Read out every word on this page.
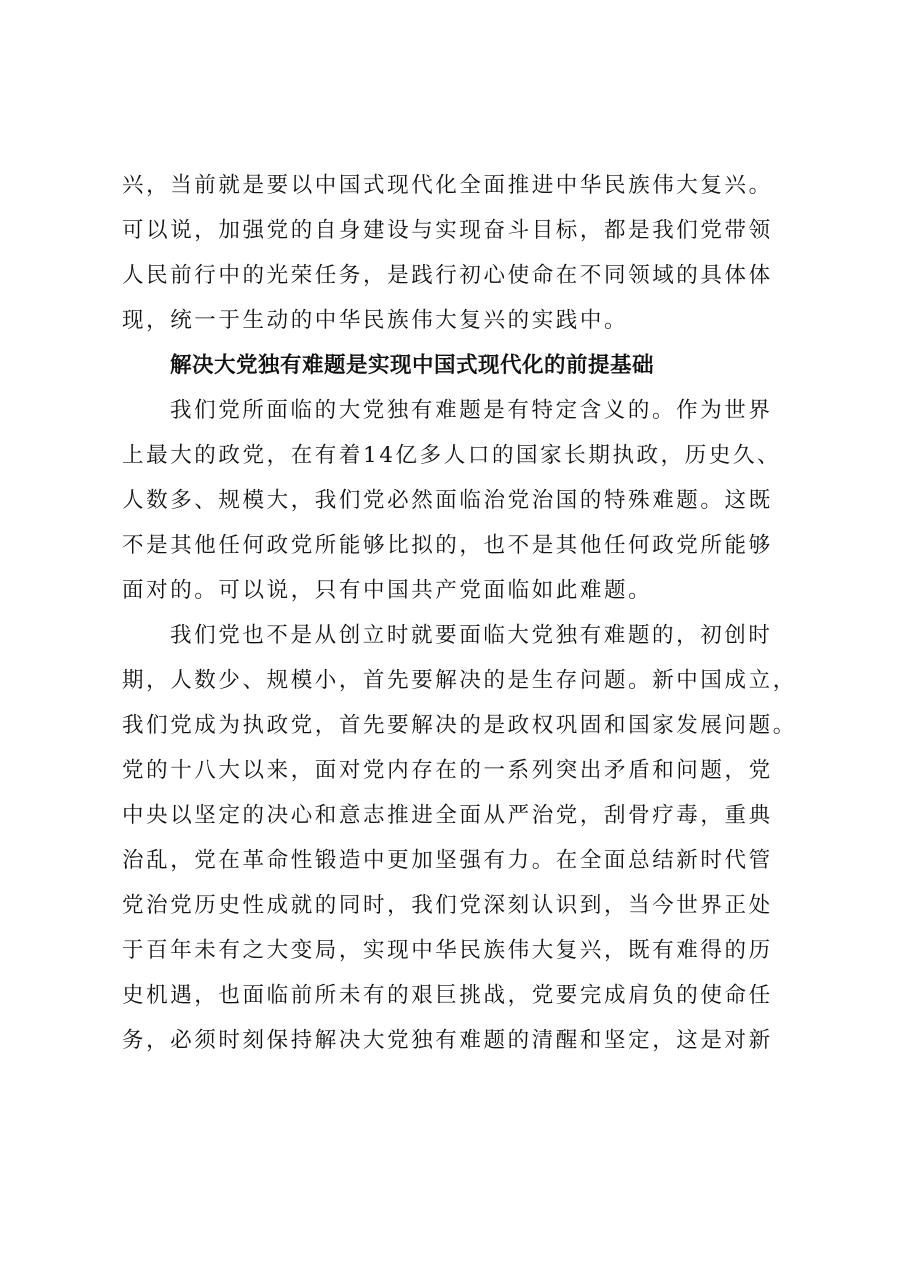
兴，当前就是要以中国式现代化全面推进中华民族伟大复兴。
可以说，加强党的自身建设与实现奋斗目标，都是我们党带领
人民前行中的光荣任务，是践行初心使命在不同领域的具体体
现，统一于生动的中华民族伟大复兴的实践中。
解决大党独有难题是实现中国式现代化的前提基础
我们党所面临的大党独有难题是有特定含义的。作为世界
上最大的政党，在有着14亿多人口的国家长期执政，历史久、
人数多、规模大，我们党必然面临治党治国的特殊难题。这既
不是其他任何政党所能够比拟的，也不是其他任何政党所能够
面对的。可以说，只有中国共产党面临如此难题。
我们党也不是从创立时就要面临大党独有难题的，初创时
期，人数少、规模小，首先要解决的是生存问题。新中国成立，
我们党成为执政党，首先要解决的是政权巩固和国家发展问题。
党的十八大以来，面对党内存在的一系列突出矛盾和问题，党
中央以坚定的决心和意志推进全面从严治党，刮骨疗毒，重典
治乱，党在革命性锻造中更加坚强有力。在全面总结新时代管
党治党历史性成就的同时，我们党深刻认识到，当今世界正处
于百年未有之大变局，实现中华民族伟大复兴，既有难得的历
史机遇，也面临前所未有的艰巨挑战，党要完成肩负的使命任
务，必须时刻保持解决大党独有难题的清醒和坚定，这是对新
